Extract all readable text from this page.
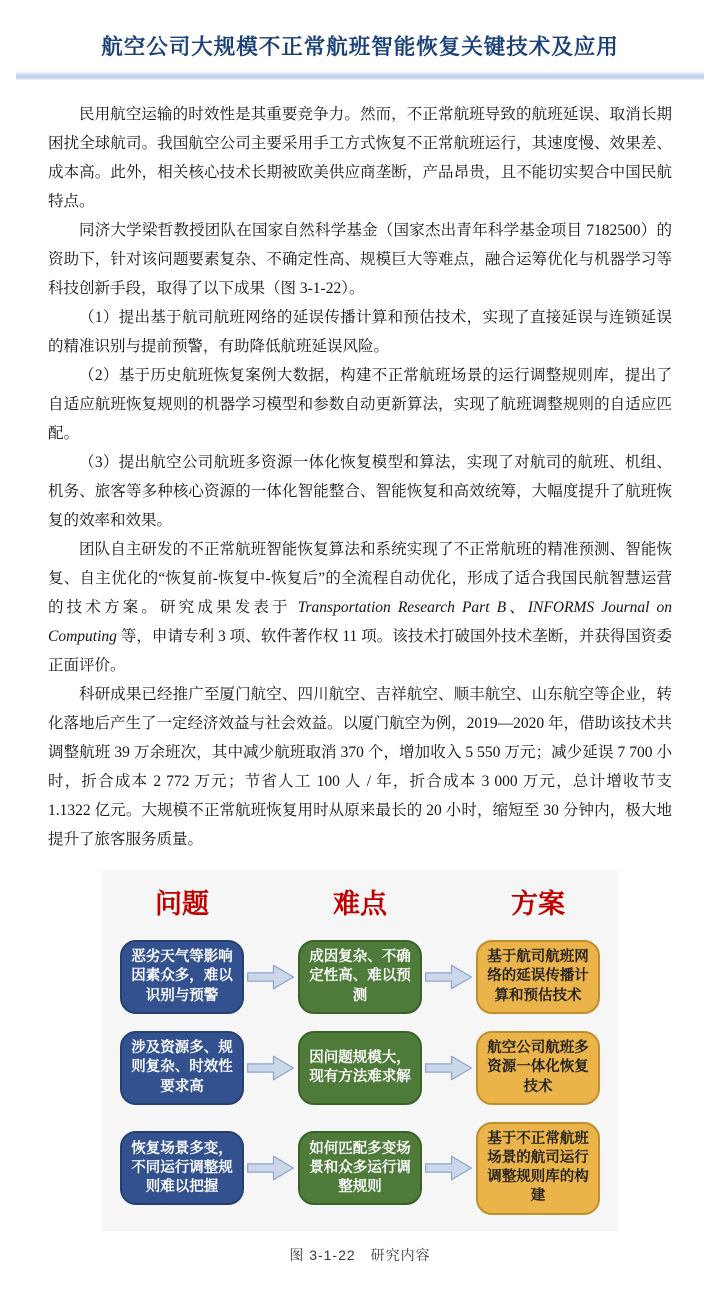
航空公司大规模不正常航班智能恢复关键技术及应用

民用航空运输的时效性是其重要竞争力。然而，不正常航班导致的航班延误、取消长期困扰全球航司。我国航空公司主要采用手工方式恢复不正常航班运行，其速度慢、效果差、成本高。此外，相关核心技术长期被欧美供应商垄断，产品昂贵，且不能切实契合中国民航特点。

同济大学梁哲教授团队在国家自然科学基金（国家杰出青年科学基金项目 7182500）的资助下，针对该问题要素复杂、不确定性高、规模巨大等难点，融合运筹优化与机器学习等科技创新手段，取得了以下成果（图 3-1-22）。

（1）提出基于航司航班网络的延误传播计算和预估技术，实现了直接延误与连锁延误的精准识别与提前预警，有助降低航班延误风险。

（2）基于历史航班恢复案例大数据，构建不正常航班场景的运行调整规则库，提出了自适应航班恢复规则的机器学习模型和参数自动更新算法，实现了航班调整规则的自适应匹配。

（3）提出航空公司航班多资源一体化恢复模型和算法，实现了对航司的航班、机组、机务、旅客等多种核心资源的一体化智能整合、智能恢复和高效统筹，大幅度提升了航班恢复的效率和效果。

团队自主研发的不正常航班智能恢复算法和系统实现了不正常航班的精准预测、智能恢复、自主优化的“恢复前-恢复中-恢复后”的全流程自动优化，形成了适合我国民航智慧运营的技术方案。研究成果发表于 Transportation Research Part B、INFORMS Journal on Computing 等，申请专利 3 项、软件著作权 11 项。该技术打破国外技术垄断，并获得国资委正面评价。

科研成果已经推广至厦门航空、四川航空、吉祥航空、顺丰航空、山东航空等企业，转化落地后产生了一定经济效益与社会效益。以厦门航空为例，2019—2020 年，借助该技术共调整航班 39 万余班次，其中减少航班取消 370 个，增加收入 5 550 万元；减少延误 7 700 小时，折合成本 2 772 万元；节省人工 100 人 / 年，折合成本 3 000 万元，总计增收节支 1.1322 亿元。大规模不正常航班恢复用时从原来最长的 20 小时，缩短至 30 分钟内，极大地提升了旅客服务质量。

问题	难点	方案
恶劣天气等影响因素众多，难以识别与预警
成因复杂、不确定性高、难以预测
基于航司航班网络的延误传播计算和预估技术
涉及资源多、规则复杂、时效性要求高
因问题规模大，现有方法难求解
航空公司航班多资源一体化恢复技术
恢复场景多变，不同运行调整规则难以把握
如何匹配多变场景和众多运行调整规则
基于不正常航班场景的航司运行调整规则库的构建
图 3-1-22　研究内容
